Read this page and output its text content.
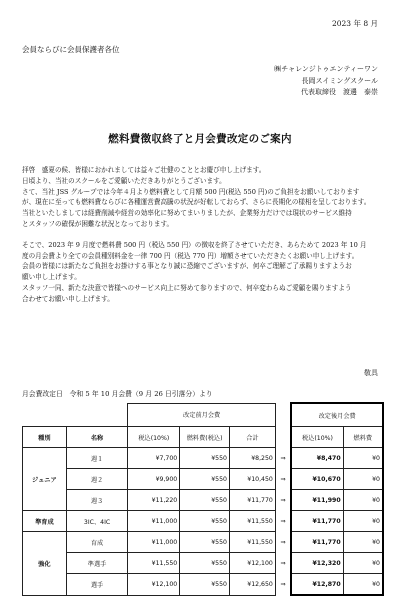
2023 年 8 月
会員ならびに会員保護者各位
㈱チャレンジトゥエンティーワン
長岡スイミングスクール
代表取締役　渡邊　泰崇
燃料費徴収終了と月会費改定のご案内

拝啓　盛夏の候、皆様におかれましては益々ご壮健のこととお慶び申し上げます。

日頃より、当社のスクールをご愛顧いただきありがとうございます。

さて、当社 JSS グループでは今年４月より燃料費として月額 500 円(税込 550 円)のご負担をお願いしております

が、現在に至っても燃料費ならびに各種運営費高騰の状況が好転しておらず、さらに長期化の様相を呈しております。

当社といたしましては経費削減や経営の効率化に努めてまいりましたが、企業努力だけでは現状のサービス維持

とスタッフの確保が困難な状況となっております。

そこで、2023 年 9 月度で燃料費 500 円（税込 550 円）の徴収を終了させていただき、あらためて 2023 年 10 月

度の月会費より全ての会員種別料金を一律 700 円（税込 770 円）増額させていただきたくお願い申し上げます。

会員の皆様には新たなご負担をお掛けする事となり誠に恐縮でございますが、何卒ご理解ご了承賜りますようお

願い申し上げます。

スタッフ一同、新たな決意で皆様へのサービス向上に努めて参りますので、何卒変わらぬご愛顧を賜りますよう

合わせてお願い申し上げます。

敬具
月会費改定日　令和 5 年 10 月会費（9 月 26 日引落分）より
		改定前月会費				改定後月会費	
種別	名称	税込(10%)	燃料費(税込)	合計		税込(10%)	燃料費
ジュニア	週１	¥7,700	¥550	¥8,250	⇒	¥8,470	¥0
	週２	¥9,900	¥550	¥10,450	⇒	¥10,670	¥0
	週３	¥11,220	¥550	¥11,770	⇒	¥11,990	¥0
準育成	3IC、4IC	¥11,000	¥550	¥11,550	⇒	¥11,770	¥0
強化	育成	¥11,000	¥550	¥11,550	⇒	¥11,770	¥0
	準選手	¥11,550	¥550	¥12,100	⇒	¥12,320	¥0
	選手	¥12,100	¥550	¥12,650	⇒	¥12,870	¥0
